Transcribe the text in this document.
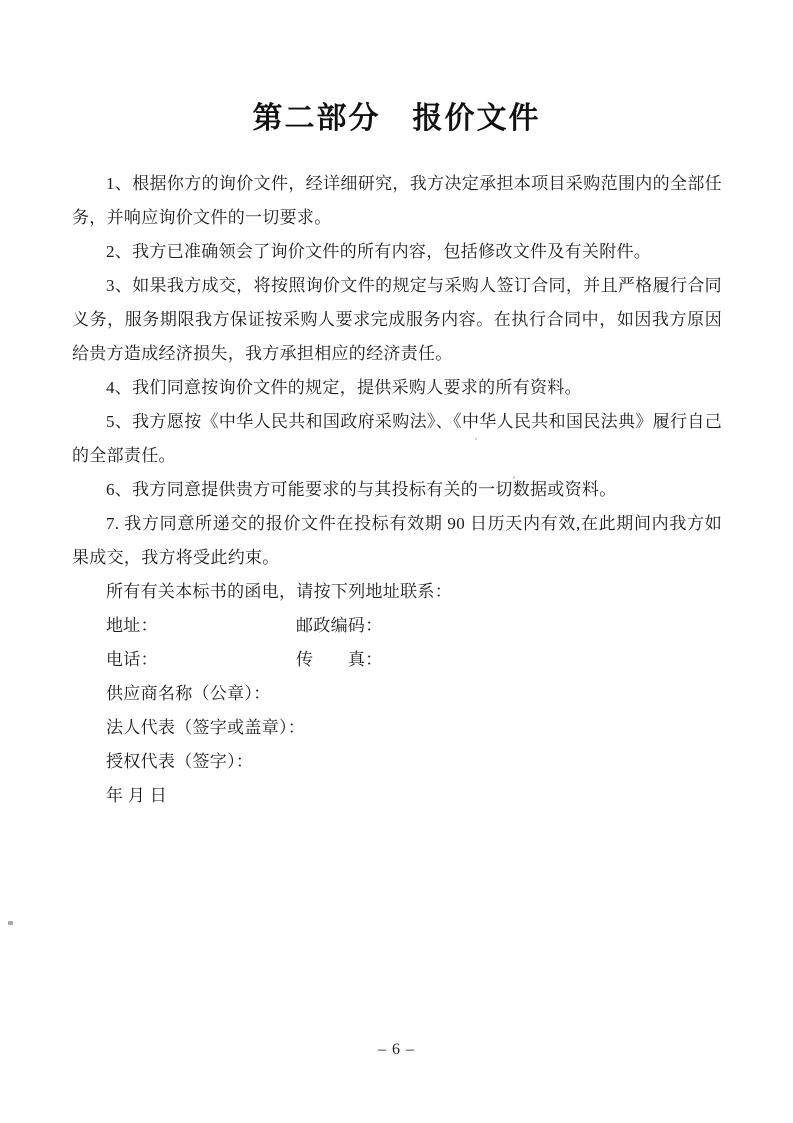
第二部分　报价文件

1、根据你方的询价文件，经详细研究，我方决定承担本项目采购范围内的全部任务，并响应询价文件的一切要求。

2、我方已准确领会了询价文件的所有内容，包括修改文件及有关附件。

3、如果我方成交，将按照询价文件的规定与采购人签订合同，并且严格履行合同义务，服务期限我方保证按采购人要求完成服务内容。在执行合同中，如因我方原因给贵方造成经济损失，我方承担相应的经济责任。

4、我们同意按询价文件的规定，提供采购人要求的所有资料。

5、我方愿按《中华人民共和国政府采购法》、《中华人民共和国民法典》履行自己的全部责任。

6、我方同意提供贵方可能要求的与其投标有关的一切数据或资料。

7. 我方同意所递交的报价文件在投标有效期 90 日历天内有效,在此期间内我方如果成交，我方将受此约束。

所有有关本标书的函电，请按下列地址联系：

地址：	邮政编码：
电话：	传　　真：

供应商名称（公章）：

法人代表（签字或盖章）：

授权代表（签字）：

年 月 日

– 6 –
